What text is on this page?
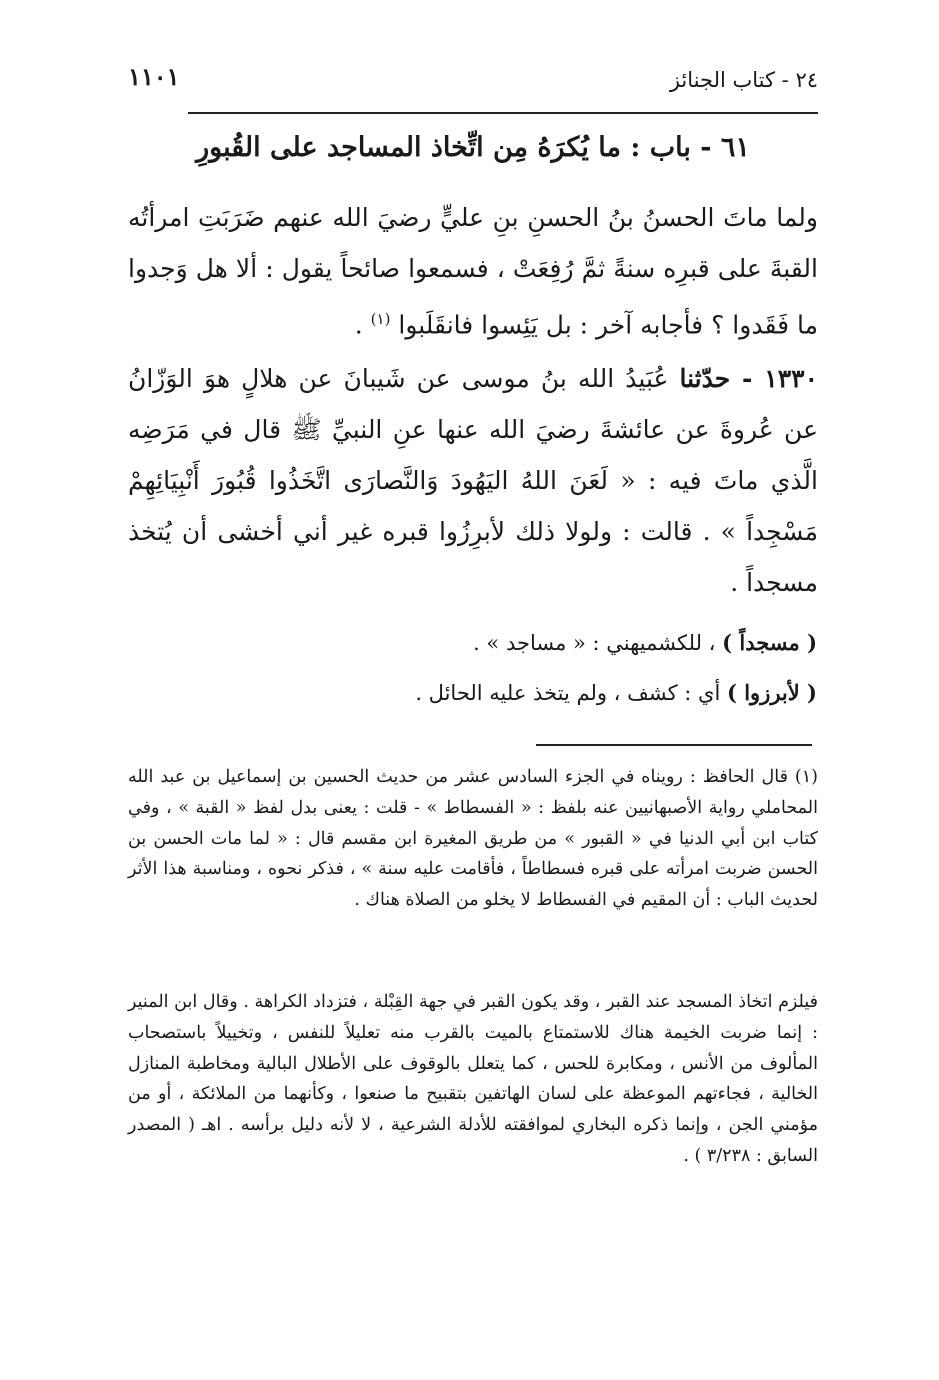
٢٤ - كتاب الجنائز
١١٠١
٦١ - باب : ما يُكرَهُ مِن اتِّخاذ المساجد على القُبورِ
ولما ماتَ الحسنُ بنُ الحسنِ بنِ عليٍّ رضيَ الله عنهم ضَرَبَتِ امرأتُه القبةَ على قبرِه سنةً ثمَّ رُفِعَتْ ، فسمعوا صائحاً يقول : ألا هل وَجدوا ما فَقَدوا ؟ فأجابه آخر : بل يَئِسوا فانقَلَبوا $^{(١)}$ .
١٣٣٠ - حدّثنا عُبَيدُ الله بنُ موسى عن شَيبانَ عن هلالٍ هوَ الوَزّانُ عن عُروةَ عن عائشةَ رضيَ الله عنها عنِ النبيِّ ﷺ قال في مَرَضِه الَّذي ماتَ فيه : « لَعَنَ اللهُ اليَهُودَ وَالنَّصارَى اتَّخَذُوا قُبُورَ أَنْبِيَائِهِمْ مَسْجِداً » . قالت : ولولا ذلك لأبرِزُوا قبره غير أني أخشى أن يُتخذ مسجداً .
( مسجداً ) ، للكشميهني : « مساجد » .
( لأبرزوا ) أي : كشف ، ولم يتخذ عليه الحائل .
(١) قال الحافظ : رويناه في الجزء السادس عشر من حديث الحسين بن إسماعيل بن عبد الله المحاملي رواية الأصبهانيين عنه بلفظ : « الفسطاط » - قلت : يعنى بدل لفظ « القبة » ، وفي كتاب ابن أبي الدنيا في « القبور » من طريق المغيرة ابن مقسم قال : « لما مات الحسن بن الحسن ضربت امرأته على قبره فسطاطاً ، فأقامت عليه سنة » ، فذكر نحوه ، ومناسبة هذا الأثر لحديث الباب : أن المقيم في الفسطاط لا يخلو من الصلاة هناك .
فيلزم اتخاذ المسجد عند القبر ، وقد يكون القبر في جهة القِبْلة ، فتزداد الكراهة . وقال ابن المنير : إنما ضربت الخيمة هناك للاستمتاع بالميت بالقرب منه تعليلاً للنفس ، وتخييلاً باستصحاب المألوف من الأنس ، ومكابرة للحس ، كما يتعلل بالوقوف على الأطلال البالية ومخاطبة المنازل الخالية ، فجاءتهم الموعظة على لسان الهاتفين بتقبيح ما صنعوا ، وكأنهما من الملائكة ، أو من مؤمني الجن ، وإنما ذكره البخاري لموافقته للأدلة الشرعية ، لا لأنه دليل برأسه . اهـ ( المصدر السابق : ٣/٢٣٨ ) .
